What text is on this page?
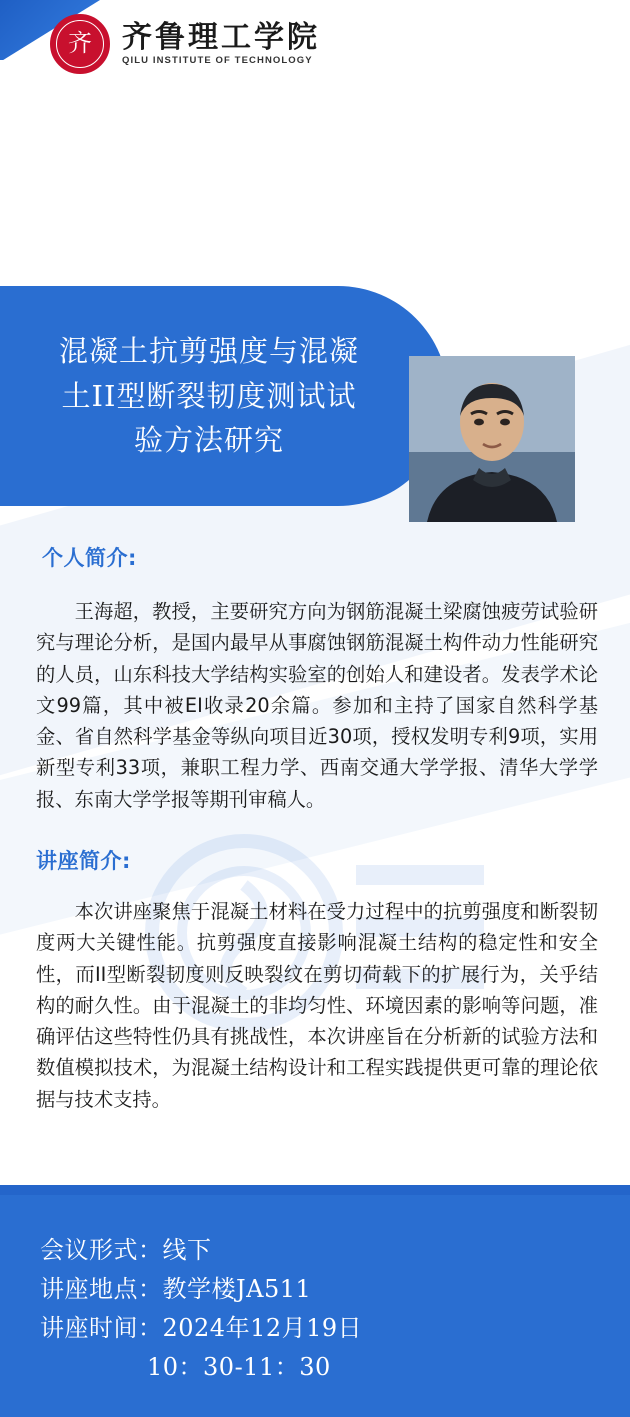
齐 齐鲁理工学院
QILU INSTITUTE OF TECHNOLOGY
混凝土抗剪强度与混凝土II型断裂韧度测试试验方法研究
个人简介:
王海超，教授，主要研究方向为钢筋混凝土梁腐蚀疲劳试验研究与理论分析，是国内最早从事腐蚀钢筋混凝土构件动力性能研究的人员，山东科技大学结构实验室的创始人和建设者。发表学术论文99篇，其中被EI收录20余篇。参加和主持了国家自然科学基金、省自然科学基金等纵向项目近30项，授权发明专利9项，实用新型专利33项，兼职工程力学、西南交通大学学报、清华大学学报、东南大学学报等期刊审稿人。
讲座简介:
本次讲座聚焦于混凝土材料在受力过程中的抗剪强度和断裂韧度两大关键性能。抗剪强度直接影响混凝土结构的稳定性和安全性，而II型断裂韧度则反映裂纹在剪切荷载下的扩展行为，关乎结构的耐久性。由于混凝土的非均匀性、环境因素的影响等问题，准确评估这些特性仍具有挑战性，本次讲座旨在分析新的试验方法和数值模拟技术，为混凝土结构设计和工程实践提供更可靠的理论依据与技术支持。
会议形式：线下
讲座地点：教学楼JA511
讲座时间：2024年12月19日
10：30-11：30
